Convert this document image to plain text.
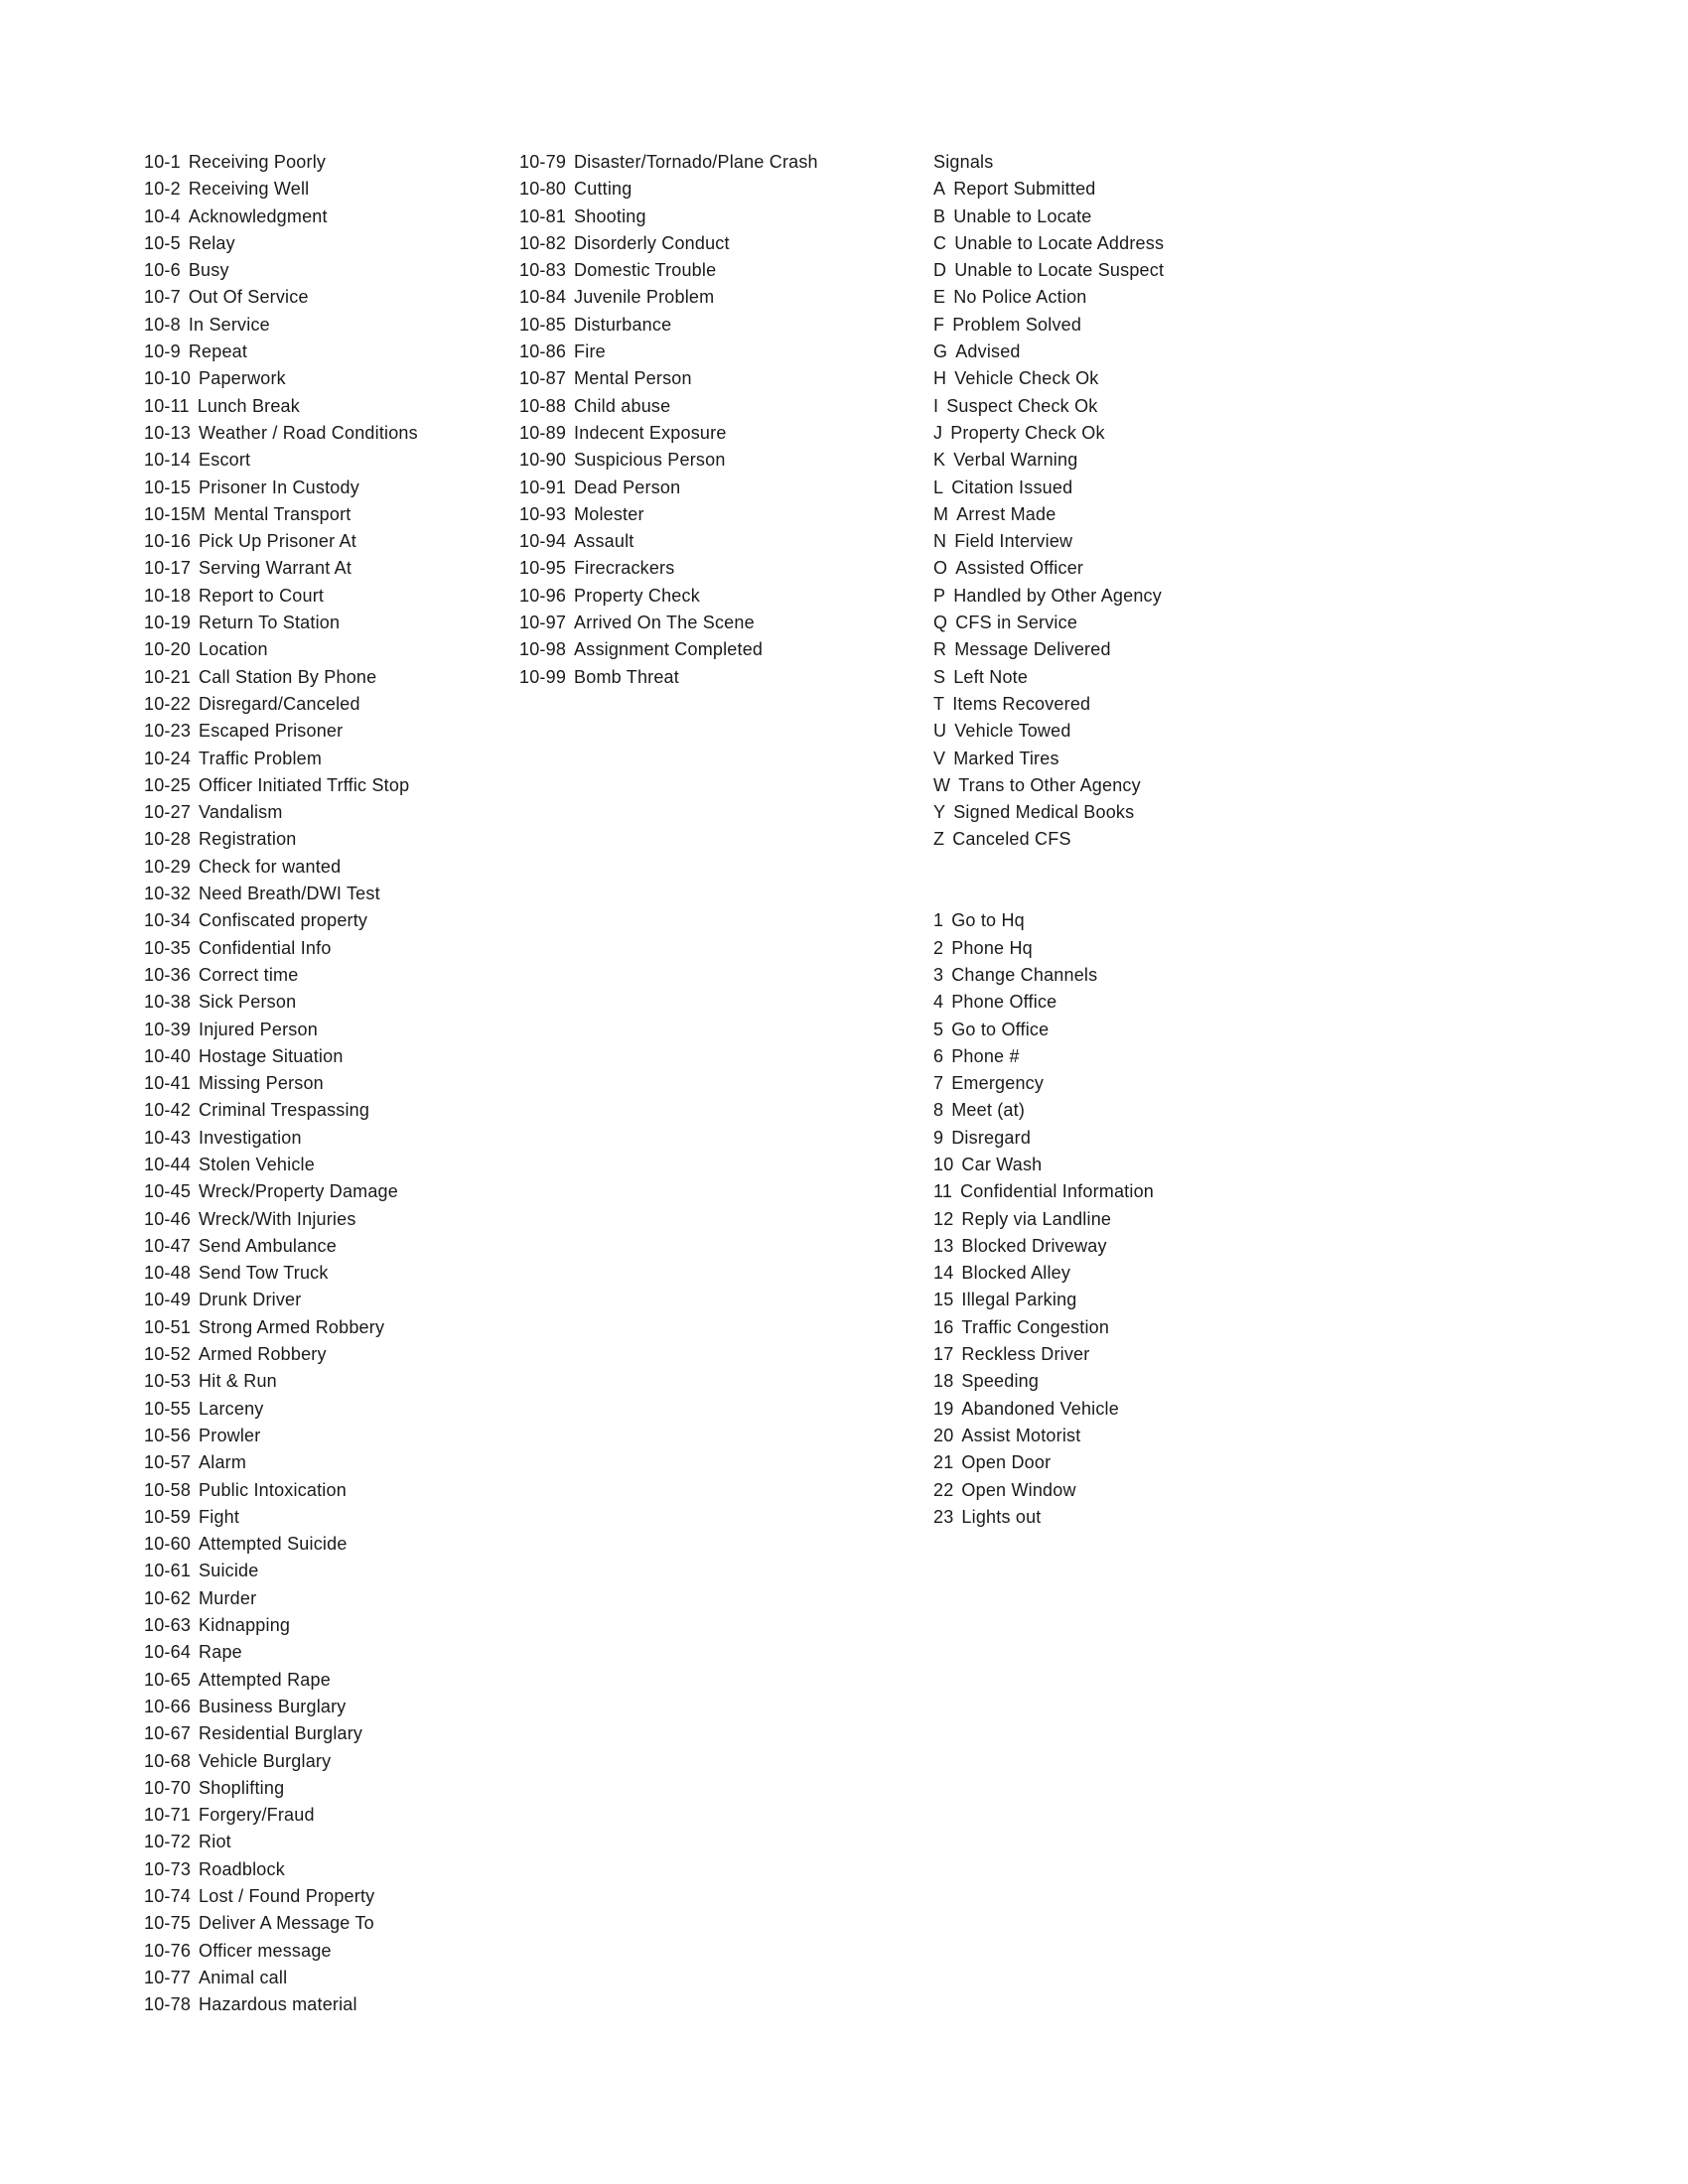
10-1 Receiving Poorly
10-2 Receiving Well
10-4 Acknowledgment
10-5 Relay
10-6 Busy
10-7 Out Of Service
10-8 In Service
10-9 Repeat
10-10 Paperwork
10-11 Lunch Break
10-13 Weather / Road Conditions
10-14 Escort
10-15 Prisoner In Custody
10-15M Mental Transport
10-16 Pick Up Prisoner At
10-17 Serving Warrant At
10-18 Report to Court
10-19 Return To Station
10-20 Location
10-21 Call Station By Phone
10-22 Disregard/Canceled
10-23 Escaped Prisoner
10-24 Traffic Problem
10-25 Officer Initiated Trffic Stop
10-27 Vandalism
10-28 Registration
10-29 Check for wanted
10-32 Need Breath/DWI Test
10-34 Confiscated property
10-35 Confidential Info
10-36 Correct time
10-38 Sick Person
10-39 Injured Person
10-40 Hostage Situation
10-41 Missing Person
10-42 Criminal Trespassing
10-43 Investigation
10-44 Stolen Vehicle
10-45 Wreck/Property Damage
10-46 Wreck/With Injuries
10-47 Send Ambulance
10-48 Send Tow Truck
10-49 Drunk Driver
10-51 Strong Armed Robbery
10-52 Armed Robbery
10-53 Hit & Run
10-55 Larceny
10-56 Prowler
10-57 Alarm
10-58 Public Intoxication
10-59 Fight
10-60 Attempted Suicide
10-61 Suicide
10-62 Murder
10-63 Kidnapping
10-64 Rape
10-65 Attempted Rape
10-66 Business Burglary
10-67 Residential Burglary
10-68 Vehicle Burglary
10-70 Shoplifting
10-71 Forgery/Fraud
10-72 Riot
10-73 Roadblock
10-74 Lost / Found Property
10-75 Deliver A Message To
10-76 Officer message
10-77 Animal call
10-78 Hazardous material
10-79 Disaster/Tornado/Plane Crash
10-80 Cutting
10-81 Shooting
10-82 Disorderly Conduct
10-83 Domestic Trouble
10-84 Juvenile Problem
10-85 Disturbance
10-86 Fire
10-87 Mental Person
10-88 Child abuse
10-89 Indecent Exposure
10-90 Suspicious Person
10-91 Dead Person
10-93 Molester
10-94 Assault
10-95 Firecrackers
10-96 Property Check
10-97 Arrived On The Scene
10-98 Assignment Completed
10-99 Bomb Threat
Signals
A Report Submitted
B Unable to Locate
C Unable to Locate Address
D Unable to Locate Suspect
E No Police Action
F Problem Solved
G Advised
H Vehicle Check Ok
I Suspect Check Ok
J Property Check Ok
K Verbal Warning
L Citation Issued
M Arrest Made
N Field Interview
O Assisted Officer
P Handled by Other Agency
Q CFS in Service
R Message Delivered
S Left Note
T Items Recovered
U Vehicle Towed
V Marked Tires
W Trans to Other Agency
Y Signed Medical Books
Z Canceled CFS
1 Go to Hq
2 Phone Hq
3 Change Channels
4 Phone Office
5 Go to Office
6 Phone #
7 Emergency
8 Meet (at)
9 Disregard
10 Car Wash
11 Confidential Information
12 Reply via Landline
13 Blocked Driveway
14 Blocked Alley
15 Illegal Parking
16 Traffic Congestion
17 Reckless Driver
18 Speeding
19 Abandoned Vehicle
20 Assist Motorist
21 Open Door
22 Open Window
23 Lights out
